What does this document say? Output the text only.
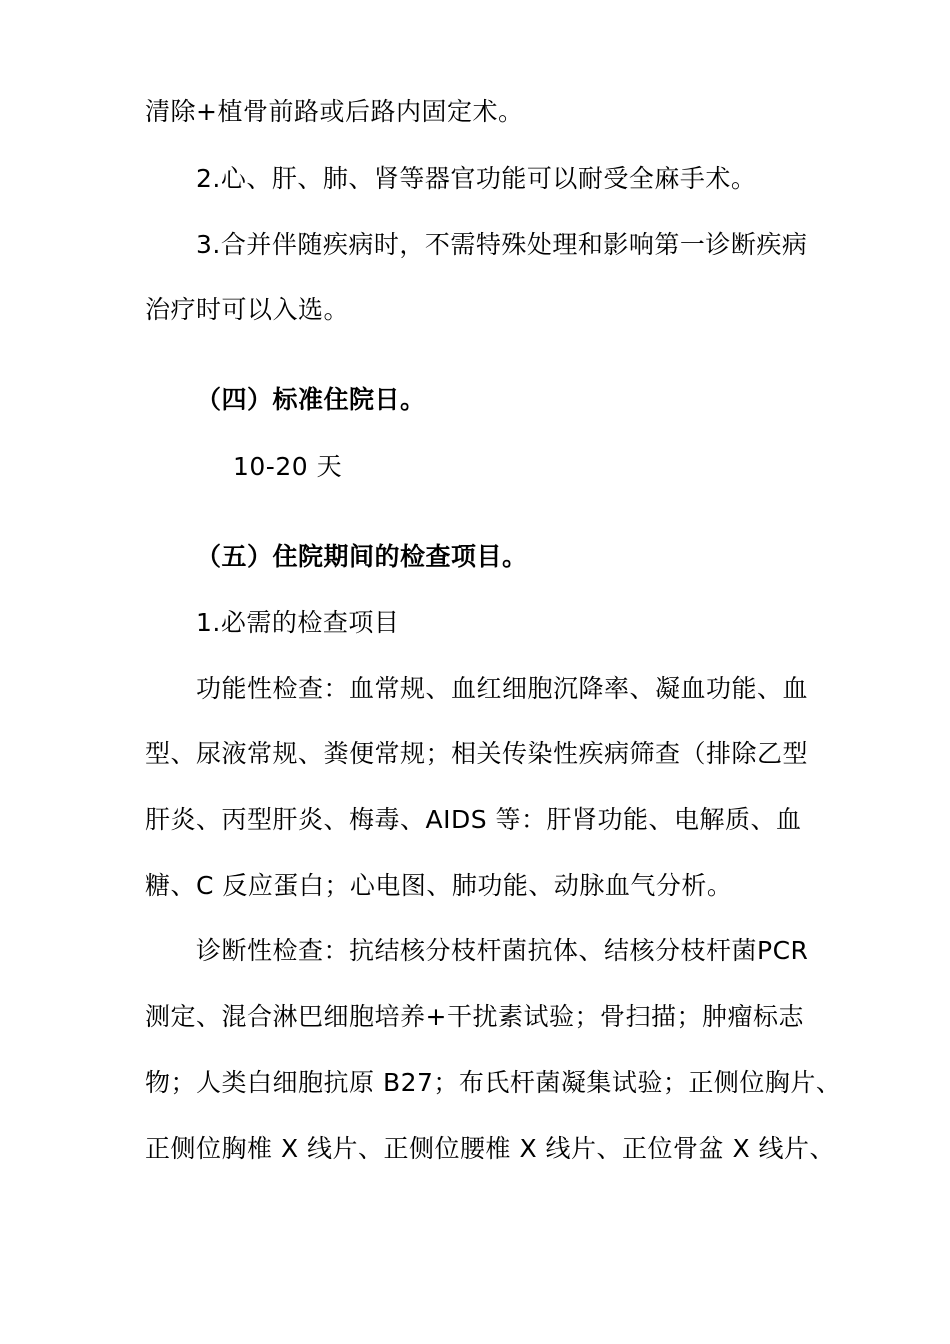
清除+植骨前路或后路内固定术。
2.心、肝、肺、肾等器官功能可以耐受全麻手术。
3.合并伴随疾病时，不需特殊处理和影响第一诊断疾病
治疗时可以入选。
（四）标准住院日。
10-20 天
（五）住院期间的检查项目。
1.必需的检查项目
功能性检查：血常规、血红细胞沉降率、凝血功能、血
型、尿液常规、粪便常规；相关传染性疾病筛查（排除乙型
肝炎、丙型肝炎、梅毒、AIDS 等：肝肾功能、电解质、血
糖、C 反应蛋白；心电图、肺功能、动脉血气分析。
诊断性检查：抗结核分枝杆菌抗体、结核分枝杆菌PCR
测定、混合淋巴细胞培养+干扰素试验；骨扫描；肿瘤标志
物；人类白细胞抗原 B27；布氏杆菌凝集试验；正侧位胸片、
正侧位胸椎 X 线片、正侧位腰椎 X 线片、正位骨盆 X 线片、
